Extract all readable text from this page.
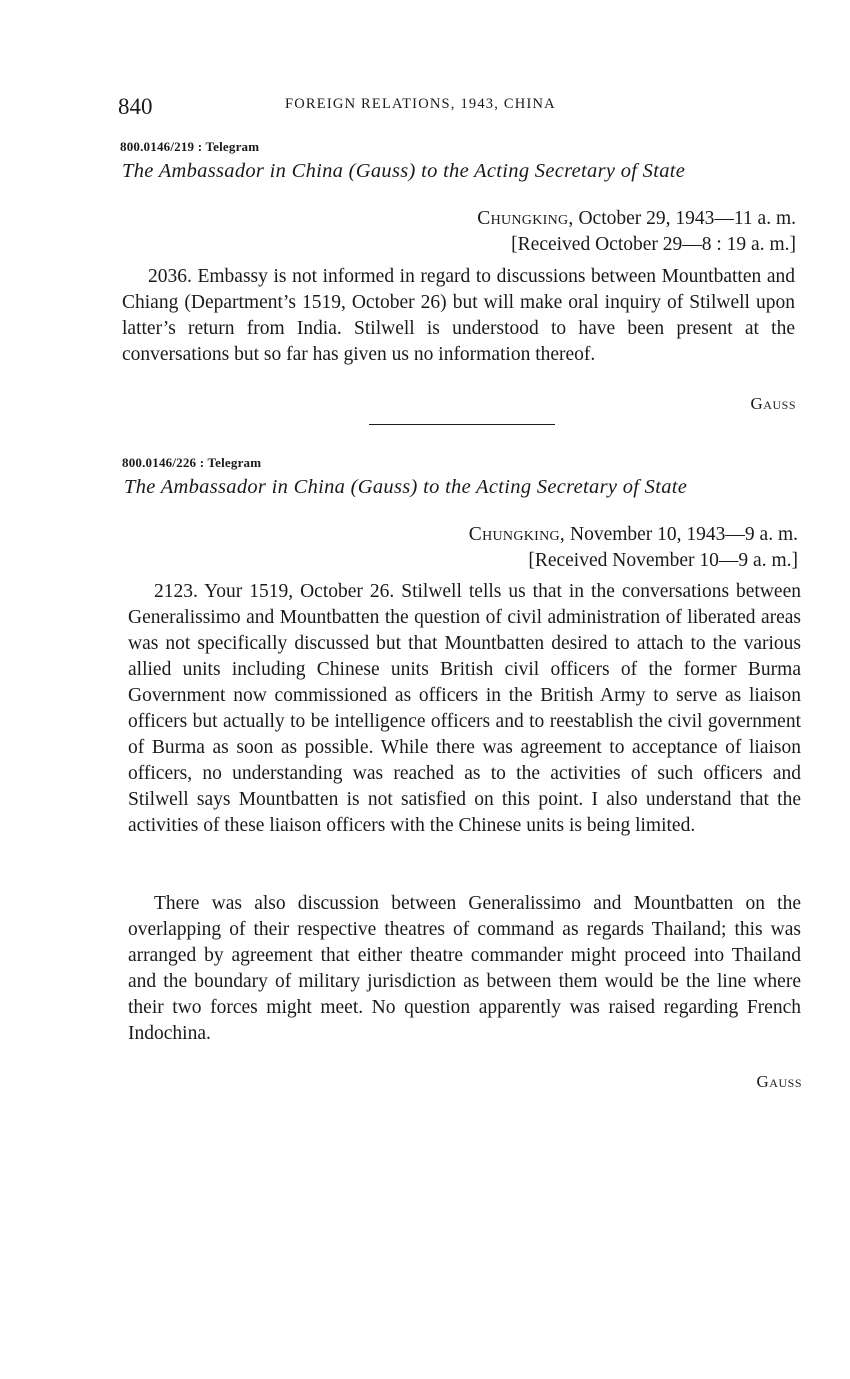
840	FOREIGN RELATIONS, 1943, CHINA
800.0146/219 : Telegram
The Ambassador in China (Gauss) to the Acting Secretary of State
Chungking, October 29, 1943—11 a. m.
[Received October 29—8 : 19 a. m.]

2036. Embassy is not informed in regard to discussions between Mountbatten and Chiang (Department’s 1519, October 26) but will make oral inquiry of Stilwell upon latter’s return from India. Stilwell is understood to have been present at the conversations but so far has given us no information thereof.

Gauss
800.0146/226 : Telegram
The Ambassador in China (Gauss) to the Acting Secretary of State
Chungking, November 10, 1943—9 a. m.
[Received November 10—9 a. m.]

2123. Your 1519, October 26. Stilwell tells us that in the conversations between Generalissimo and Mountbatten the question of civil administration of liberated areas was not specifically discussed but that Mountbatten desired to attach to the various allied units including Chinese units British civil officers of the former Burma Government now commissioned as officers in the British Army to serve as liaison officers but actually to be intelligence officers and to reestablish the civil government of Burma as soon as possible. While there was agreement to acceptance of liaison officers, no understanding was reached as to the activities of such officers and Stilwell says Mountbatten is not satisfied on this point. I also understand that the activities of these liaison officers with the Chinese units is being limited.

There was also discussion between Generalissimo and Mountbatten on the overlapping of their respective theatres of command as regards Thailand; this was arranged by agreement that either theatre commander might proceed into Thailand and the boundary of military jurisdiction as between them would be the line where their two forces might meet. No question apparently was raised regarding French Indochina.

Gauss
